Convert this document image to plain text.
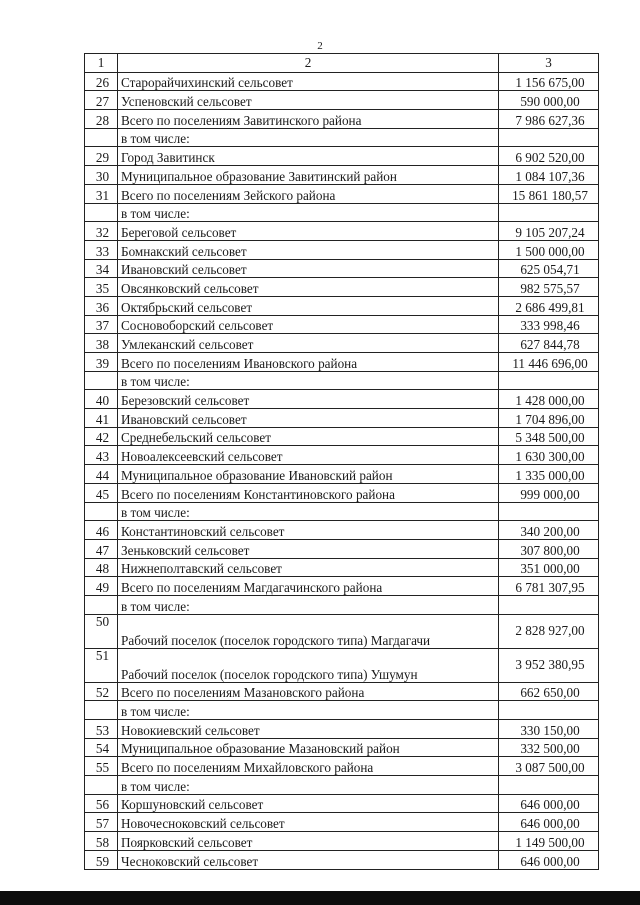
2
1	2	3
26	Старорайчихинский сельсовет	1 156 675,00
27	Успеновский сельсовет	590 000,00
28	Всего по поселениям Завитинского района	7 986 627,36
	в том числе:	
29	Город Завитинск	6 902 520,00
30	Муниципальное образование Завитинский район	1 084 107,36
31	Всего по поселениям Зейского района	15 861 180,57
	в том числе:	
32	Береговой сельсовет	9 105 207,24
33	Бомнакский сельсовет	1 500 000,00
34	Ивановский сельсовет	625 054,71
35	Овсянковский сельсовет	982 575,57
36	Октябрьский сельсовет	2 686 499,81
37	Сосновоборский сельсовет	333 998,46
38	Умлеканский сельсовет	627 844,78
39	Всего по поселениям Ивановского района	11 446 696,00
	в том числе:	
40	Березовский сельсовет	1 428 000,00
41	Ивановский сельсовет	1 704 896,00
42	Среднебельский сельсовет	5 348 500,00
43	Новоалексеевский сельсовет	1 630 300,00
44	Муниципальное образование Ивановский район	1 335 000,00
45	Всего по поселениям Константиновского района	999 000,00
	в том числе:	
46	Константиновский сельсовет	340 200,00
47	Зеньковский сельсовет	307 800,00
48	Нижнеполтавский сельсовет	351 000,00
49	Всего по поселениям Магдагачинского района	6 781 307,95
	в том числе:	
50	Рабочий поселок (поселок городского типа) Магдагачи	2 828 927,00
51	Рабочий поселок (поселок городского типа) Ушумун	3 952 380,95
52	Всего по поселениям Мазановского района	662 650,00
	в том числе:	
53	Новокиевский сельсовет	330 150,00
54	Муниципальное образование Мазановский район	332 500,00
55	Всего по поселениям Михайловского района	3 087 500,00
	в том числе:	
56	Коршуновский сельсовет	646 000,00
57	Новочесноковский сельсовет	646 000,00
58	Поярковский сельсовет	1 149 500,00
59	Чесноковский сельсовет	646 000,00
